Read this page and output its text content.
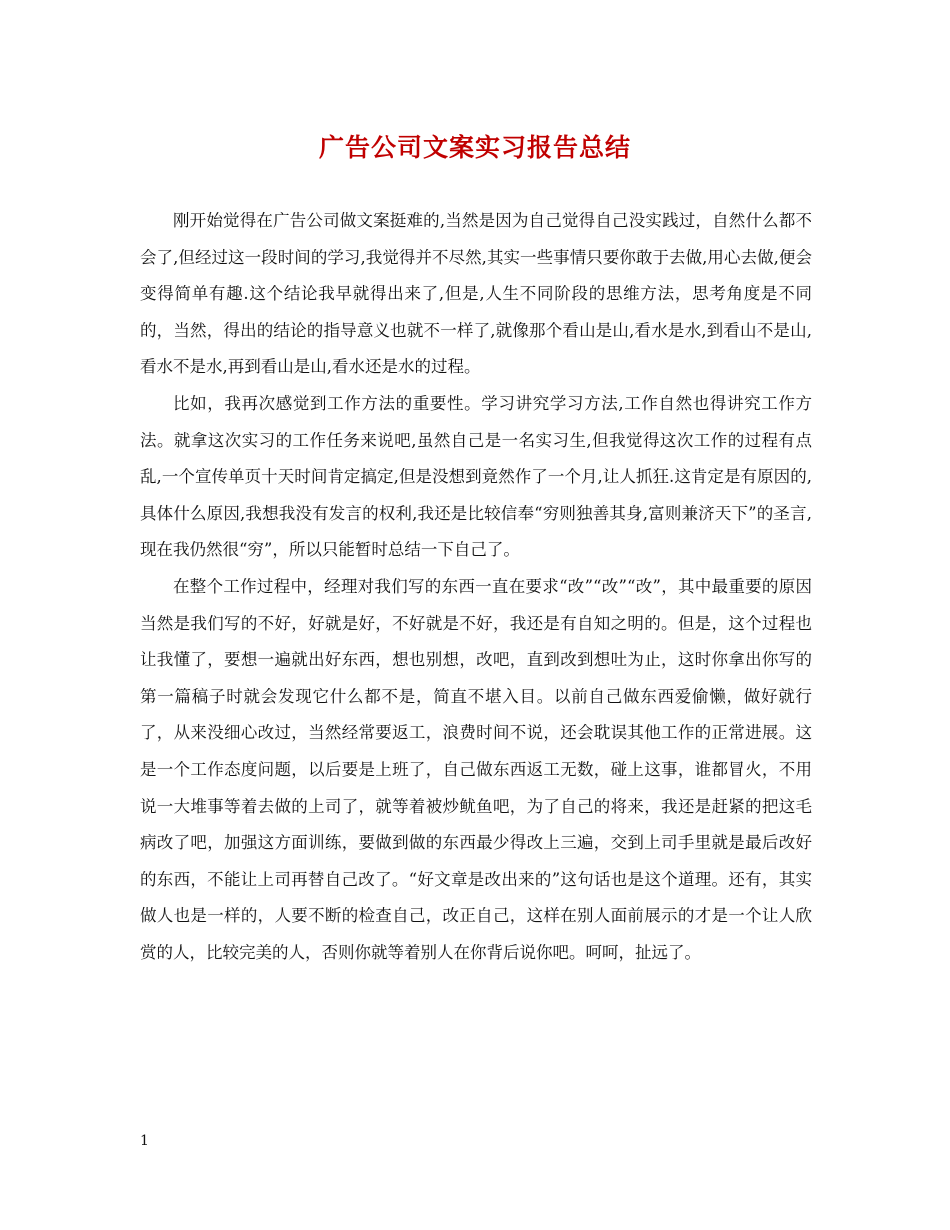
广告公司文案实习报告总结

刚开始觉得在广告公司做文案挺难的,当然是因为自己觉得自己没实践过，自然什么都不会了,但经过这一段时间的学习,我觉得并不尽然,其实一些事情只要你敢于去做,用心去做,便会变得简单有趣.这个结论我早就得出来了,但是,人生不同阶段的思维方法，思考角度是不同的，当然，得出的结论的指导意义也就不一样了,就像那个看山是山,看水是水,到看山不是山,看水不是水,再到看山是山,看水还是水的过程。

比如，我再次感觉到工作方法的重要性。学习讲究学习方法,工作自然也得讲究工作方法。就拿这次实习的工作任务来说吧,虽然自己是一名实习生,但我觉得这次工作的过程有点乱,一个宣传单页十天时间肯定搞定,但是没想到竟然作了一个月,让人抓狂.这肯定是有原因的,具体什么原因,我想我没有发言的权利,我还是比较信奉“穷则独善其身,富则兼济天下”的圣言,现在我仍然很“穷”，所以只能暂时总结一下自己了。

在整个工作过程中，经理对我们写的东西一直在要求“改”“改”“改”，其中最重要的原因当然是我们写的不好，好就是好，不好就是不好，我还是有自知之明的。但是，这个过程也让我懂了，要想一遍就出好东西，想也别想，改吧，直到改到想吐为止，这时你拿出你写的第一篇稿子时就会发现它什么都不是，简直不堪入目。以前自己做东西爱偷懒，做好就行了，从来没细心改过，当然经常要返工，浪费时间不说，还会耽误其他工作的正常进展。这是一个工作态度问题，以后要是上班了，自己做东西返工无数，碰上这事，谁都冒火，不用说一大堆事等着去做的上司了，就等着被炒鱿鱼吧，为了自己的将来，我还是赶紧的把这毛病改了吧，加强这方面训练，要做到做的东西最少得改上三遍，交到上司手里就是最后改好的东西，不能让上司再替自己改了。“好文章是改出来的”这句话也是这个道理。还有，其实做人也是一样的，人要不断的检查自己，改正自己，这样在别人面前展示的才是一个让人欣赏的人，比较完美的人，否则你就等着别人在你背后说你吧。呵呵，扯远了。

1
